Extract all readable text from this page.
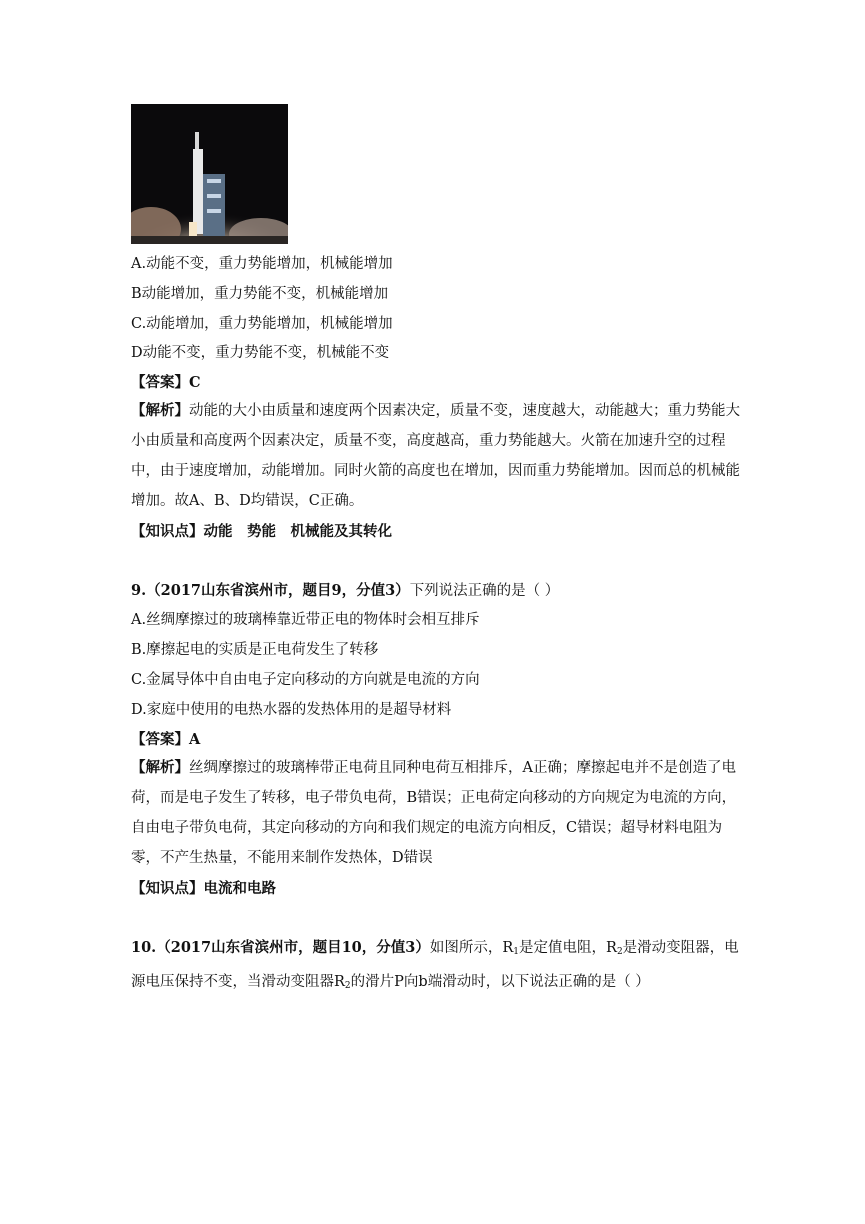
A.动能不变，重力势能增加，机械能增加
B动能增加，重力势能不变，机械能增加
C.动能增加，重力势能增加，机械能增加
D动能不变，重力势能不变，机械能不变
【答案】C
【解析】动能的大小由质量和速度两个因素决定，质量不变，速度越大，动能越大；重力势能大小由质量和高度两个因素决定，质量不变，高度越高，重力势能越大。火箭在加速升空的过程中，由于速度增加，动能增加。同时火箭的高度也在增加，因而重力势能增加。因而总的机械能增加。故A、B、D均错误，C正确。
【知识点】动能　势能　机械能及其转化
9.（2017山东省滨州市，题目9，分值3）下列说法正确的是（ ）
A.丝绸摩擦过的玻璃棒靠近带正电的物体时会相互排斥
B.摩擦起电的实质是正电荷发生了转移
C.金属导体中自由电子定向移动的方向就是电流的方向
D.家庭中使用的电热水器的发热体用的是超导材料
【答案】A
【解析】丝绸摩擦过的玻璃棒带正电荷且同种电荷互相排斥，A正确；摩擦起电并不是创造了电荷，而是电子发生了转移，电子带负电荷，B错误；正电荷定向移动的方向规定为电流的方向，自由电子带负电荷，其定向移动的方向和我们规定的电流方向相反，C错误；超导材料电阻为零，不产生热量，不能用来制作发热体，D错误
【知识点】电流和电路
10.（2017山东省滨州市，题目10，分值3）如图所示，$R_1$是定值电阻，$R_2$是滑动变阻器，电源电压保持不变，当滑动变阻器$R_2$的滑片P向b端滑动时，以下说法正确的是（ ）
